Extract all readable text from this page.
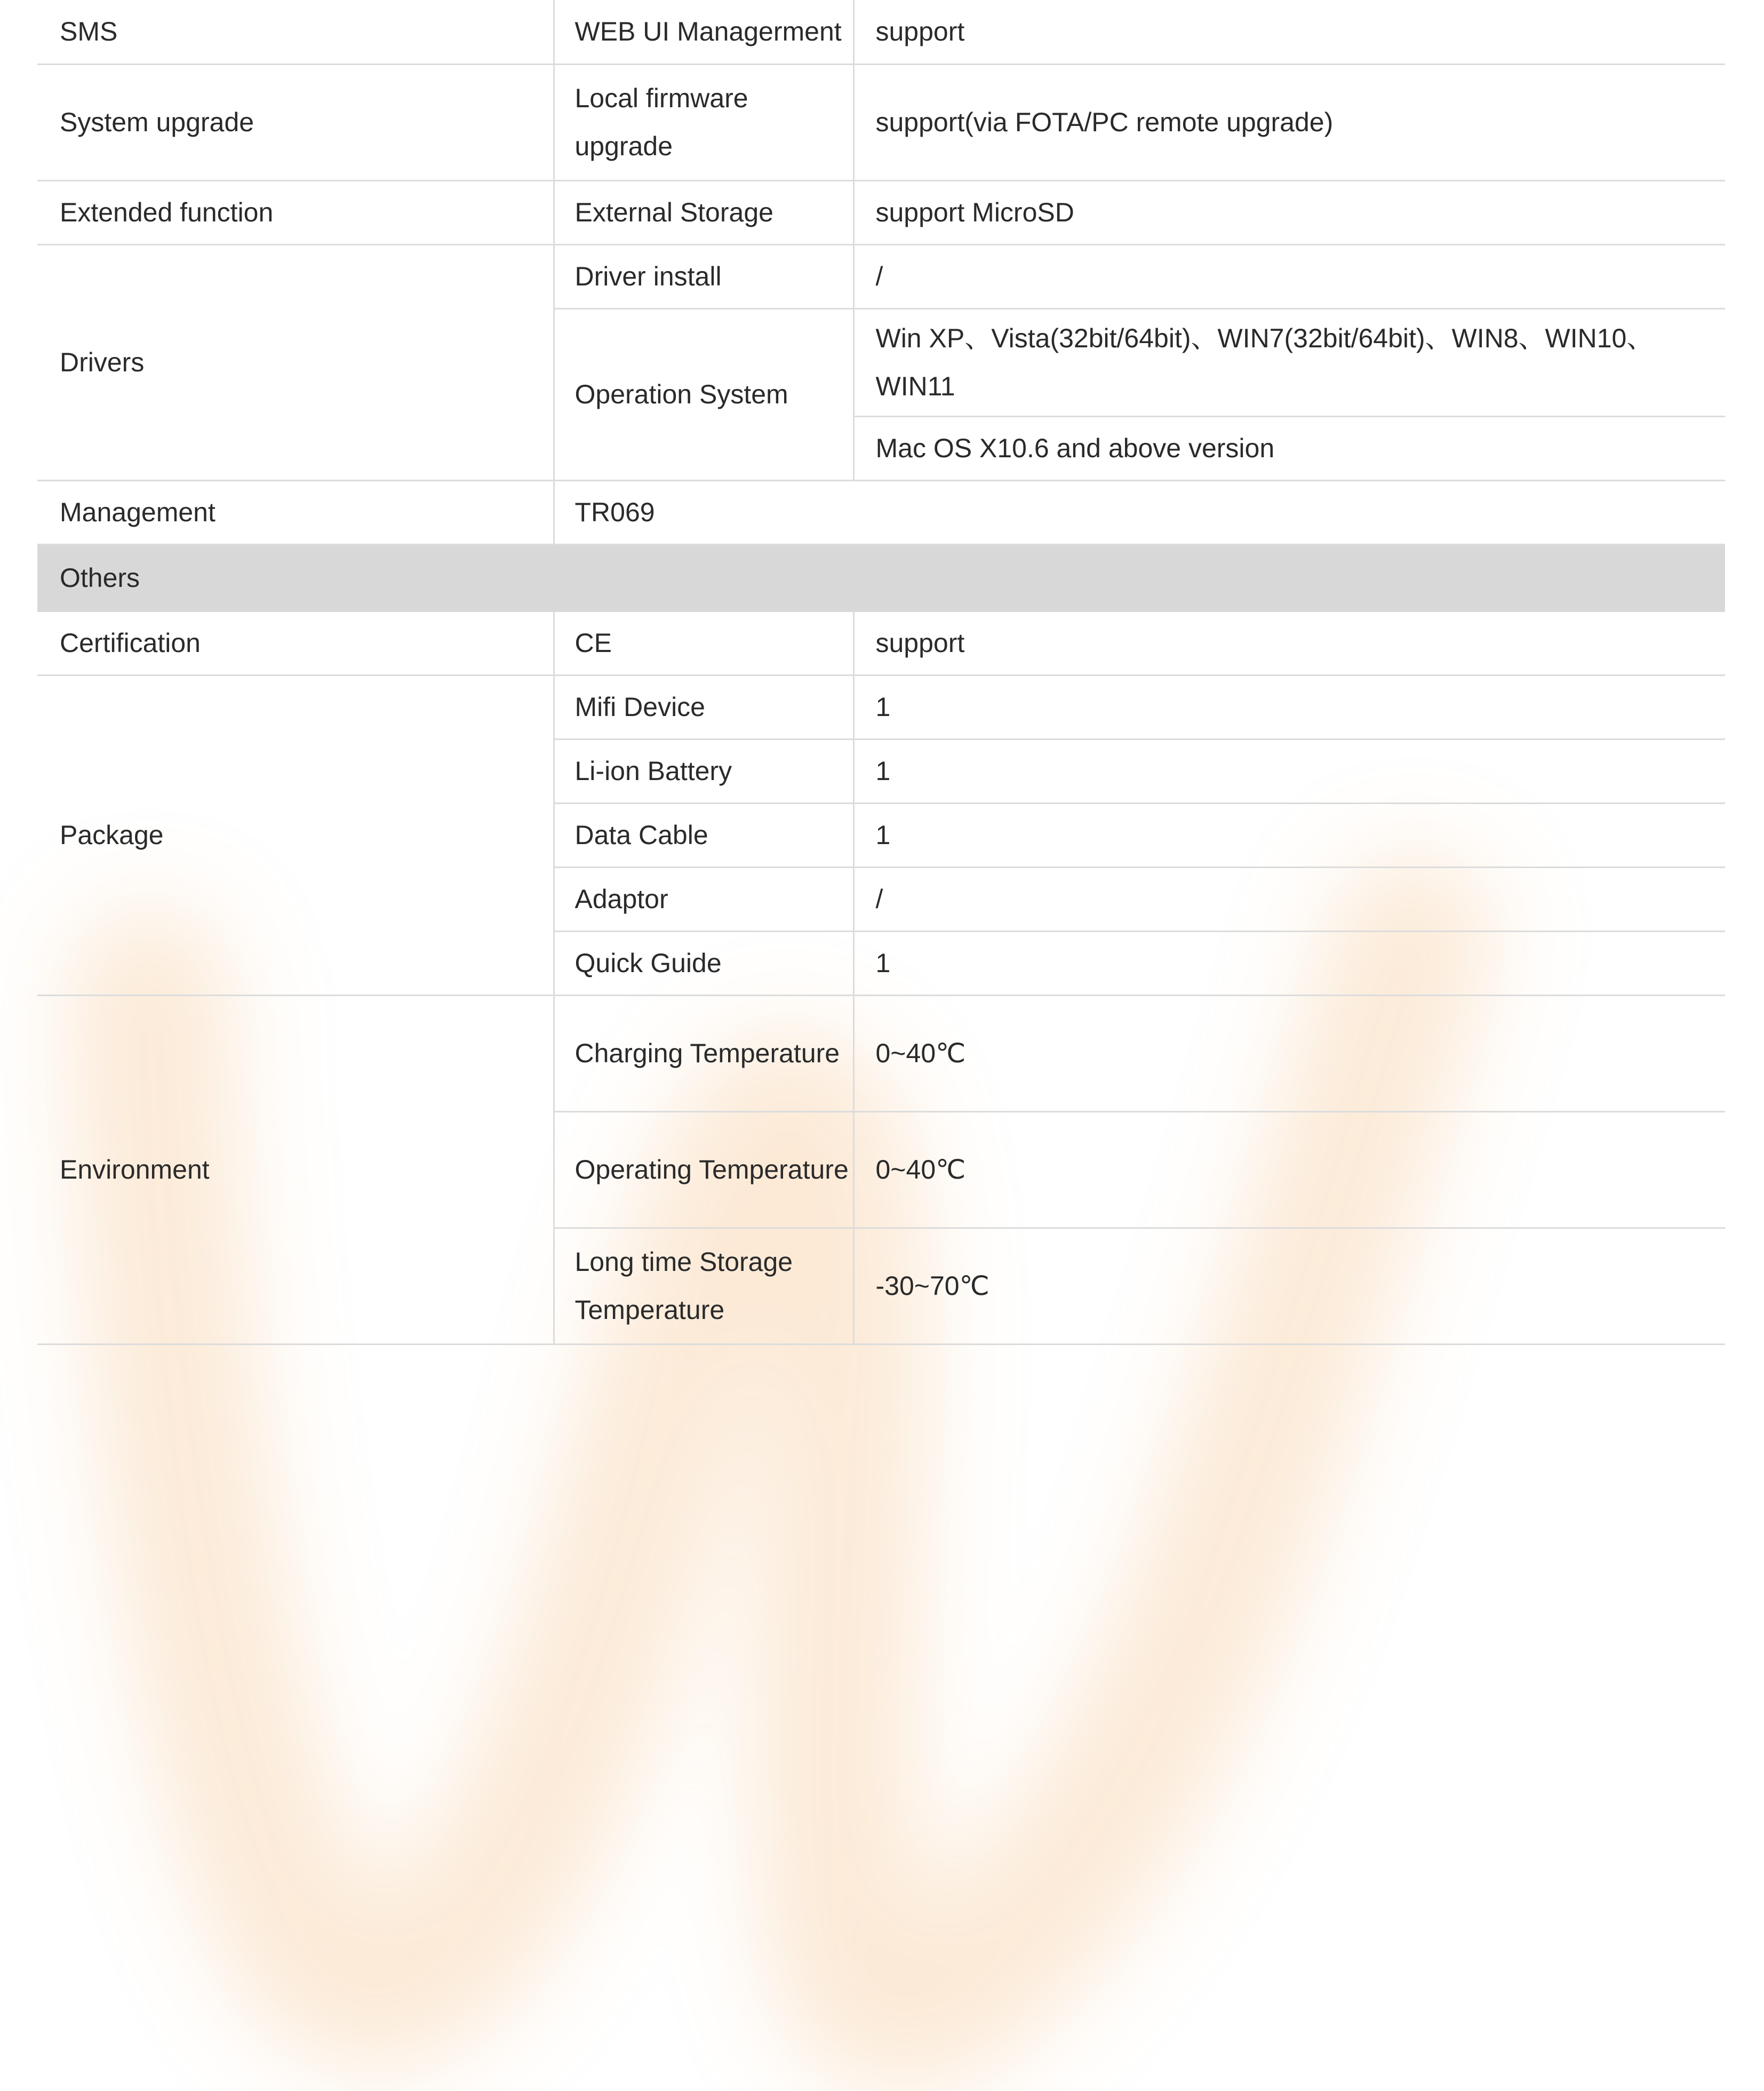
SMS	WEB UI Managerment	support
System upgrade	Local firmware upgrade	support(via FOTA/PC remote upgrade)
Extended function	External Storage	support MicroSD
Drivers	Driver install	/
	Operation System	Win XP、Vista(32bit/64bit)、WIN7(32bit/64bit)、WIN8、WIN10、WIN11
		Mac OS X10.6 and above version
Management	TR069	
Others		
Certification	CE	support
Package	Mifi Device	1
	Li-ion Battery	1
	Data Cable	1
	Adaptor	/
	Quick Guide	1
Environment	Charging Temperature	0~40℃
	Operating Temperature	0~40℃
	Long time Storage Temperature	-30~70℃
